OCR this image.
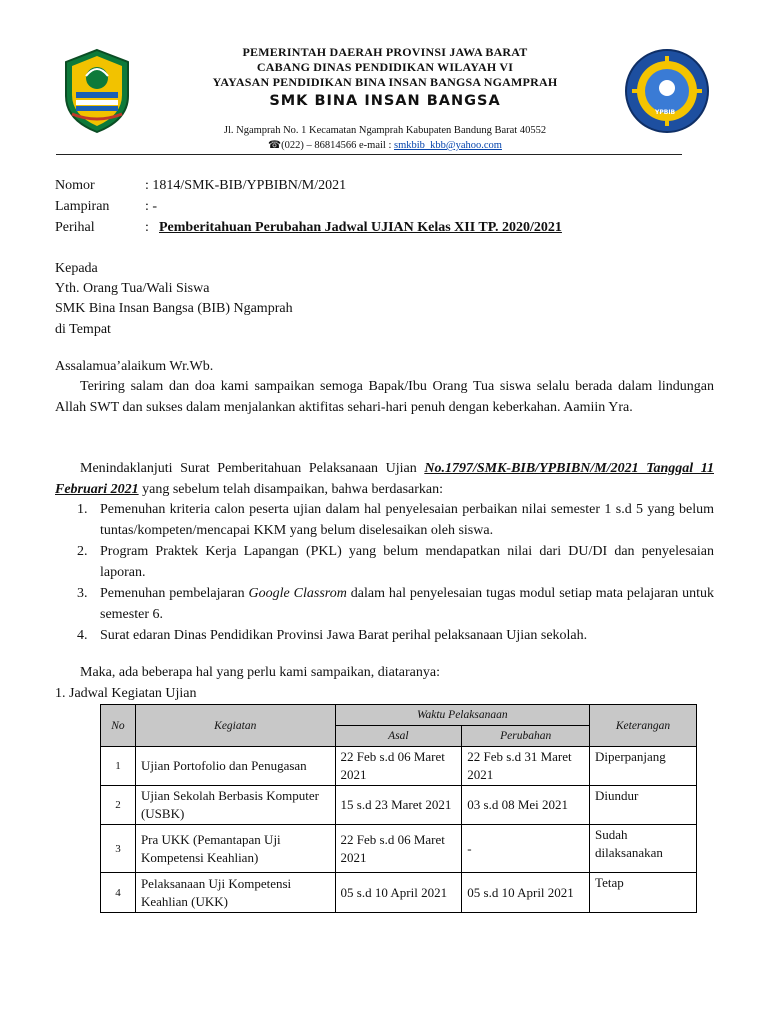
PEMERINTAH DAERAH PROVINSI JAWA BARAT
CABANG DINAS PENDIDIKAN WILAYAH VI
YAYASAN PENDIDIKAN BINA INSAN BANGSA NGAMPRAH
SMK BINA INSAN BANGSA
Jl. Ngamprah No. 1 Kecamatan Ngamprah Kabupaten Bandung Barat 40552
☎(022) – 86814566 e-mail : smkbib_kbb@yahoo.com
YPBIB
Nomor	: 1814/SMK-BIB/YPBIBN/M/2021
Lampiran	: -
Perihal	: Pemberitahuan Perubahan Jadwal UJIAN Kelas XII TP. 2020/2021
Kepada
Yth. Orang Tua/Wali Siswa
SMK Bina Insan Bangsa (BIB) Ngamprah
di Tempat
Assalamua’alaikum Wr.Wb.
Teriring salam dan doa kami sampaikan semoga Bapak/Ibu Orang Tua siswa selalu berada dalam lindungan Allah SWT dan sukses dalam menjalankan aktifitas sehari-hari penuh dengan keberkahan. Aamiin Yra.
Menindaklanjuti Surat Pemberitahuan Pelaksanaan Ujian No.1797/SMK-BIB/YPBIBN/M/2021 Tanggal 11 Februari 2021 yang sebelum telah disampaikan, bahwa berdasarkan:
1. Pemenuhan kriteria calon peserta ujian dalam hal penyelesaian perbaikan nilai semester 1 s.d 5 yang belum tuntas/kompeten/mencapai KKM yang belum diselesaikan oleh siswa.
2. Program Praktek Kerja Lapangan (PKL) yang belum mendapatkan nilai dari DU/DI dan penyelesaian laporan.
3. Pemenuhan pembelajaran Google Classrom dalam hal penyelesaian tugas modul setiap mata pelajaran untuk semester 6.
4. Surat edaran Dinas Pendidikan Provinsi Jawa Barat perihal pelaksanaan Ujian sekolah.
Maka, ada beberapa hal yang perlu kami sampaikan, diataranya:
1. Jadwal Kegiatan Ujian
No	Kegiatan	Waktu Pelaksanaan		Keterangan
		Asal	Perubahan	
1	Ujian Portofolio dan Penugasan	22 Feb s.d 06 Maret 2021	22 Feb s.d 31 Maret 2021	Diperpanjang
2	Ujian Sekolah Berbasis Komputer (USBK)	15 s.d 23 Maret 2021	03 s.d 08 Mei 2021	Diundur
3	Pra UKK (Pemantapan Uji Kompetensi Keahlian)	22 Feb s.d 06 Maret 2021	-	Sudah dilaksanakan
4	Pelaksanaan Uji Kompetensi Keahlian (UKK)	05 s.d 10 April 2021	05 s.d 10 April 2021	Tetap
